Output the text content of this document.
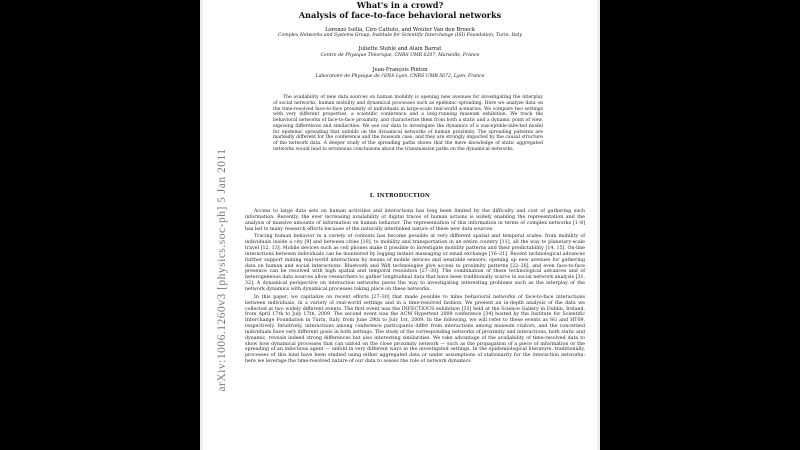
What's in a crowd?
Analysis of face-to-face behavioral networks
Lorenzo Isella, Ciro Cattuto, and Wouter Van den Broeck
Complex Networks and Systems Group, Institute for Scientific Interchange (ISI) Foundation, Turin, Italy
Juliette Stehlé and Alain Barrat
Centre de Physique Théorique, CNRS UMR 6207, Marseille, France
Jean-François Pinton
Laboratoire de Physique de l'ENS Lyon, CNRS UMR 5672, Lyon, France

The availability of new data sources on human mobility is opening new avenues for investigating the interplay of social networks, human mobility and dynamical processes such as epidemic spreading. Here we analyze data on the time-resolved face-to-face proximity of individuals in large-scale real-world scenarios. We compare two settings with very different properties, a scientific conference and a long-running museum exhibition. We track the behavioral networks of face-to-face proximity, and characterize them from both a static and a dynamic point of view, exposing differences and similarities. We use our data to investigate the dynamics of a susceptible-infected model for epidemic spreading that unfolds on the dynamical networks of human proximity. The spreading patterns are markedly different for the conference and the museum case, and they are strongly impacted by the causal structure of the network data. A deeper study of the spreading paths shows that the mere knowledge of static aggregated networks would lead to erroneous conclusions about the transmission paths on the dynamical networks.

I. INTRODUCTION

Access to large data sets on human activities and interactions has long been limited by the difficulty and cost of gathering such information. Recently, the ever increasing availability of digital traces of human actions is widely enabling the representation and the analysis of massive amounts of information on human behavior. The representation of this information in terms of complex networks [1–8] has led to many research efforts because of the naturally interlinked nature of these new data sources.

Tracing human behavior in a variety of contexts has become possible at very different spatial and temporal scales: from mobility of individuals inside a city [9] and between cities [10], to mobility and transportation in an entire country [11], all the way to planetary-scale travel [12, 13]. Mobile devices such as cell phones make it possible to investigate mobility patterns and their predictability [14, 15]. On-line interactions between individuals can be monitored by logging instant messaging or email exchange [16–21]. Recent technological advances further support mining real-world interactions by means of mobile devices and wearable sensors, opening up new avenues for gathering data on human and social interactions. Bluetooth and Wifi technologies give access to proximity patterns [22–26], and even face-to-face presence can be resolved with high spatial and temporal resolution [27–30]. The combination of these technological advances and of heterogeneous data sources allow researchers to gather longitudinal data that have been traditionally scarce in social network analysis [31, 32]. A dynamical perspective on interaction networks paves the way to investigating interesting problems such as the interplay of the network dynamics with dynamical processes taking place on these networks.

In this paper, we capitalize on recent efforts [27–30] that made possible to mine behavioral networks of face-to-face interactions between individuals, in a variety of real-world settings and in a time-resolved fashion. We present an in-depth analysis of the data we collected at two widely different events. The first event was the INFECTIOUS exhibition [33] held at the Science Gallery in Dublin, Ireland, from April 17th to July 17th, 2009. The second event was the ACM Hypertext 2009 conference [34] hosted by the Institute for Scientific Interchange Foundation in Turin, Italy, from June 29th to July 1st, 2009. In the following, we will refer to these events as SG and HT09, respectively. Intuitively, interactions among conference participants differ from interactions among museum visitors, and the concerned individuals have very different goals in both settings. The study of the corresponding networks of proximity and interactions, both static and dynamic, reveals indeed strong differences but also interesting similarities. We take advantage of the availability of time-resolved data to show how dynamical processes that can unfold on the close proximity network — such as the propagation of a piece of information or the spreading of an infectious agent — unfold in very different ways in the investigated settings. In the epidemiological literature, traditionally, processes of this kind have been studied using either aggregated data or under assumptions of stationarity for the interaction networks: here we leverage the time-resolved nature of our data to assess the role of network dynamics

arXiv:1006.1260v3 [physics.soc-ph] 5 Jan 2011
